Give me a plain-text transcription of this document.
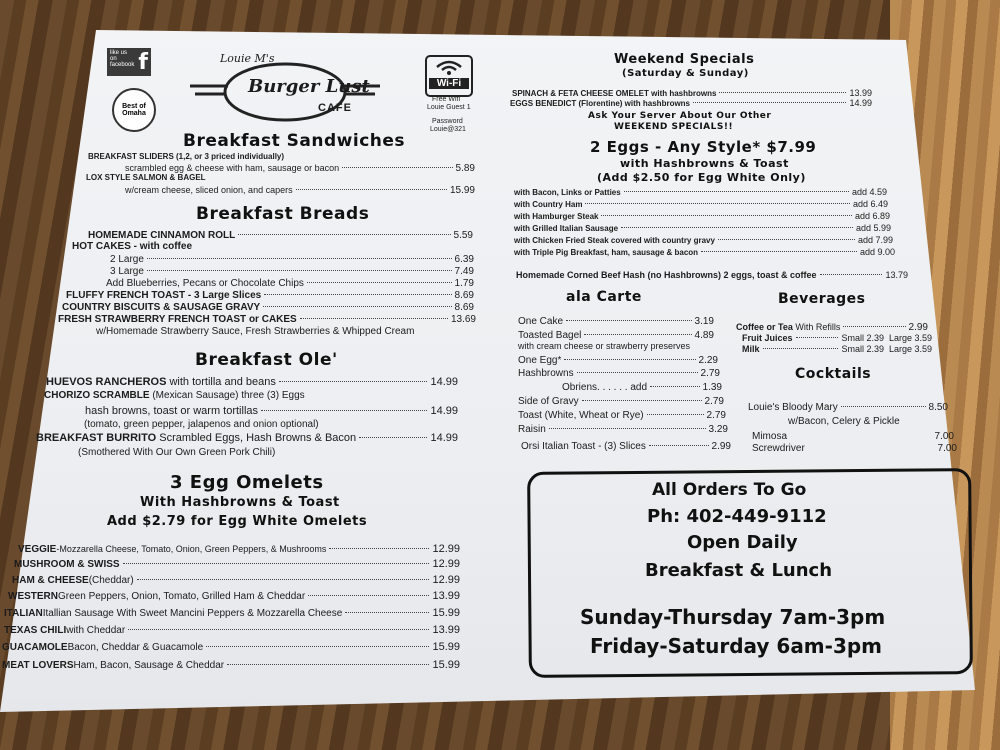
like us on facebook f
Best of Omaha
Louie M's
Burger Lust
CAFE
Wi-Fi
Free Wifi
Louie Guest 1
Password
Louie@321
Breakfast Sandwiches
BREAKFAST SLIDERS (1,2, or 3 priced individually)
scrambled egg & cheese with ham, sausage or bacon	5.89
LOX STYLE SALMON & BAGEL
w/cream cheese, sliced onion, and capers	15.99
Breakfast Breads
HOMEMADE CINNAMON ROLL	5.59
HOT CAKES - with coffee
2 Large	6.39
3 Large	7.49
Add Blueberries, Pecans or Chocolate Chips	1.79
FLUFFY FRENCH TOAST - 3 Large Slices	8.69
COUNTRY BISCUITS & SAUSAGE GRAVY	8.69
FRESH STRAWBERRY FRENCH TOAST or CAKES	13.69
w/Homemade Strawberry Sauce, Fresh Strawberries & Whipped Cream
Breakfast Ole'
HUEVOS RANCHEROS
with tortilla and beans	14.99
CHORIZO SCRAMBLE
(Mexican Sausage) three (3) Eggs
hash browns, toast or warm tortillas	14.99
(tomato, green pepper, jalapenos and onion optional)
BREAKFAST BURRITO
Scrambled Eggs, Hash Browns & Bacon	14.99
(Smothered With Our Own Green Pork Chili)
3 Egg Omelets
With Hashbrowns & Toast
Add $2.79 for Egg White Omelets
VEGGIE -Mozzarella Cheese, Tomato, Onion, Green Peppers, & Mushrooms	12.99
MUSHROOM & SWISS	12.99
HAM & CHEESE (Cheddar)	12.99
WESTERN Green Peppers, Onion, Tomato, Grilled Ham & Cheddar	13.99
ITALIAN Itallian Sausage With Sweet Mancini Peppers & Mozzarella Cheese	15.99
TEXAS CHILI with Cheddar	13.99
GUACAMOLE Bacon, Cheddar & Guacamole	15.99
MEAT LOVERS Ham, Bacon, Sausage & Cheddar	15.99
Weekend Specials
(Saturday & Sunday)
SPINACH & FETA CHEESE OMELET with hashbrowns	13.99
EGGS BENEDICT (Florentine) with hashbrowns	14.99
Ask Your Server About Our Other
WEEKEND SPECIALS!!
2 Eggs - Any Style* $7.99
with Hashbrowns & Toast
(Add $2.50 for Egg White Only)
with Bacon, Links or Patties	add 4.59
with Country Ham	add 6.49
with Hamburger Steak	add 6.89
with Grilled Italian Sausage	add 5.99
with Chicken Fried Steak covered with country gravy	add 7.99
with Triple Pig Breakfast, ham, sausage & bacon	add 9.00
Homemade Corned Beef Hash (no Hashbrowns) 2 eggs, toast & coffee	13.79
ala Carte
One Cake	3.19
Toasted Bagel	4.89
with cream cheese or strawberry preserves
One Egg*	2.29
Hashbrowns	2.79
Obriens. . . . . . add	1.39
Side of Gravy	2.79
Toast (White, Wheat or Rye)	2.79
Raisin	3.29
Orsi Italian Toast - (3) Slices	2.99
Beverages
Coffee or Tea
With Refills	2.99
Fruit Juices	Small 2.39  Large 3.59
Milk	Small 2.39  Large 3.59
Cocktails
Louie's Bloody Mary	8.50
w/Bacon, Celery & Pickle
Mimosa	7.00
Screwdriver	7.00
All Orders To Go
Ph: 402-449-9112
Open Daily
Breakfast & Lunch
Sunday-Thursday 7am-3pm
Friday-Saturday 6am-3pm
